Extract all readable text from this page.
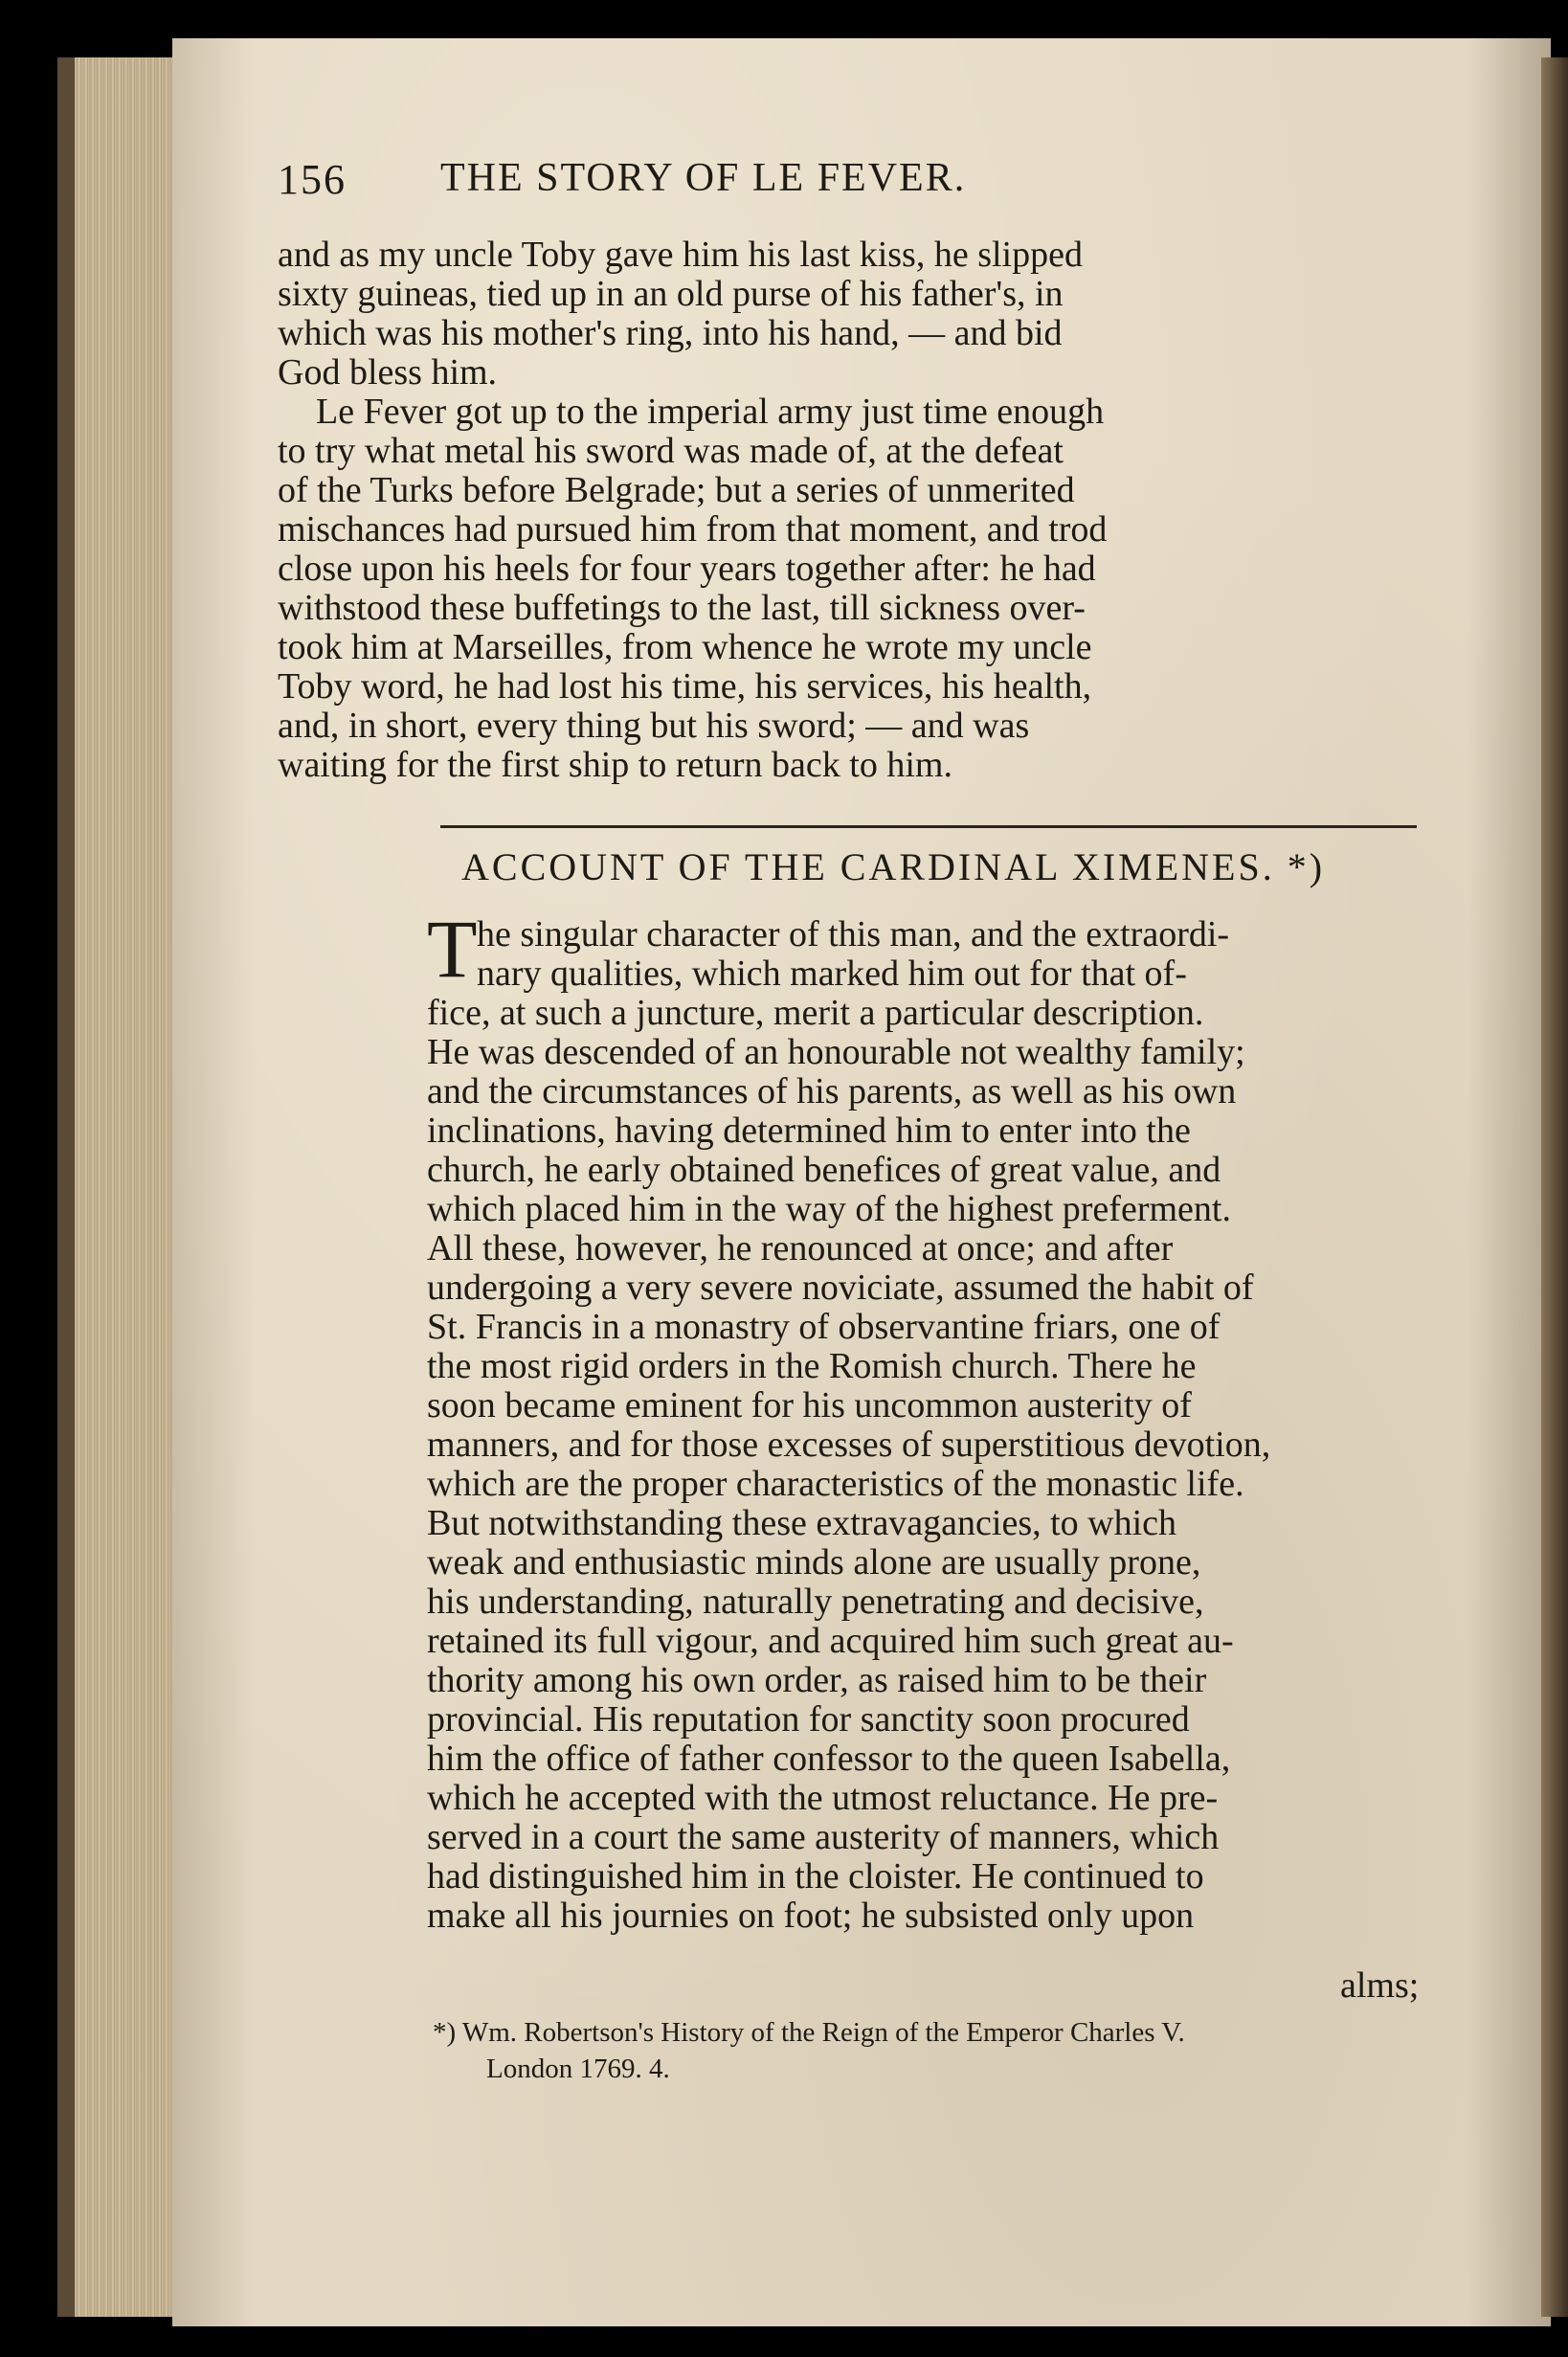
156 THE STORY OF LE FEVER.
and as my uncle Toby gave him his last kiss, he slipped
sixty guineas, tied up in an old purse of his father's, in
which was his mother's ring, into his hand, — and bid
God bless him.
Le Fever got up to the imperial army just time enough
to try what metal his sword was made of, at the defeat
of the Turks before Belgrade; but a series of unmerited
mischances had pursued him from that moment, and trod
close upon his heels for four years together after: he had
withstood these buffetings to the last, till sickness over-
took him at Marseilles, from whence he wrote my uncle
Toby word, he had lost his time, his services, his health,
and, in short, every thing but his sword; — and was
waiting for the first ship to return back to him.
ACCOUNT OF THE CARDINAL XIMENES. *)
T he singular character of this man, and the extraordi-
nary qualities, which marked him out for that of-
fice, at such a juncture, merit a particular description.
He was descended of an honourable not wealthy family;
and the circumstances of his parents, as well as his own
inclinations, having determined him to enter into the
church, he early obtained benefices of great value, and
which placed him in the way of the highest preferment.
All these, however, he renounced at once; and after
undergoing a very severe noviciate, assumed the habit of
St. Francis in a monastry of observantine friars, one of
the most rigid orders in the Romish church. There he
soon became eminent for his uncommon austerity of
manners, and for those excesses of superstitious devotion,
which are the proper characteristics of the monastic life.
But notwithstanding these extravagancies, to which
weak and enthusiastic minds alone are usually prone,
his understanding, naturally penetrating and decisive,
retained its full vigour, and acquired him such great au-
thority among his own order, as raised him to be their
provincial. His reputation for sanctity soon procured
him the office of father confessor to the queen Isabella,
which he accepted with the utmost reluctance. He pre-
served in a court the same austerity of manners, which
had distinguished him in the cloister. He continued to
make all his journies on foot; he subsisted only upon
alms;
*) Wm. Robertson's History of the Reign of the Emperor Charles V.
London 1769. 4.
